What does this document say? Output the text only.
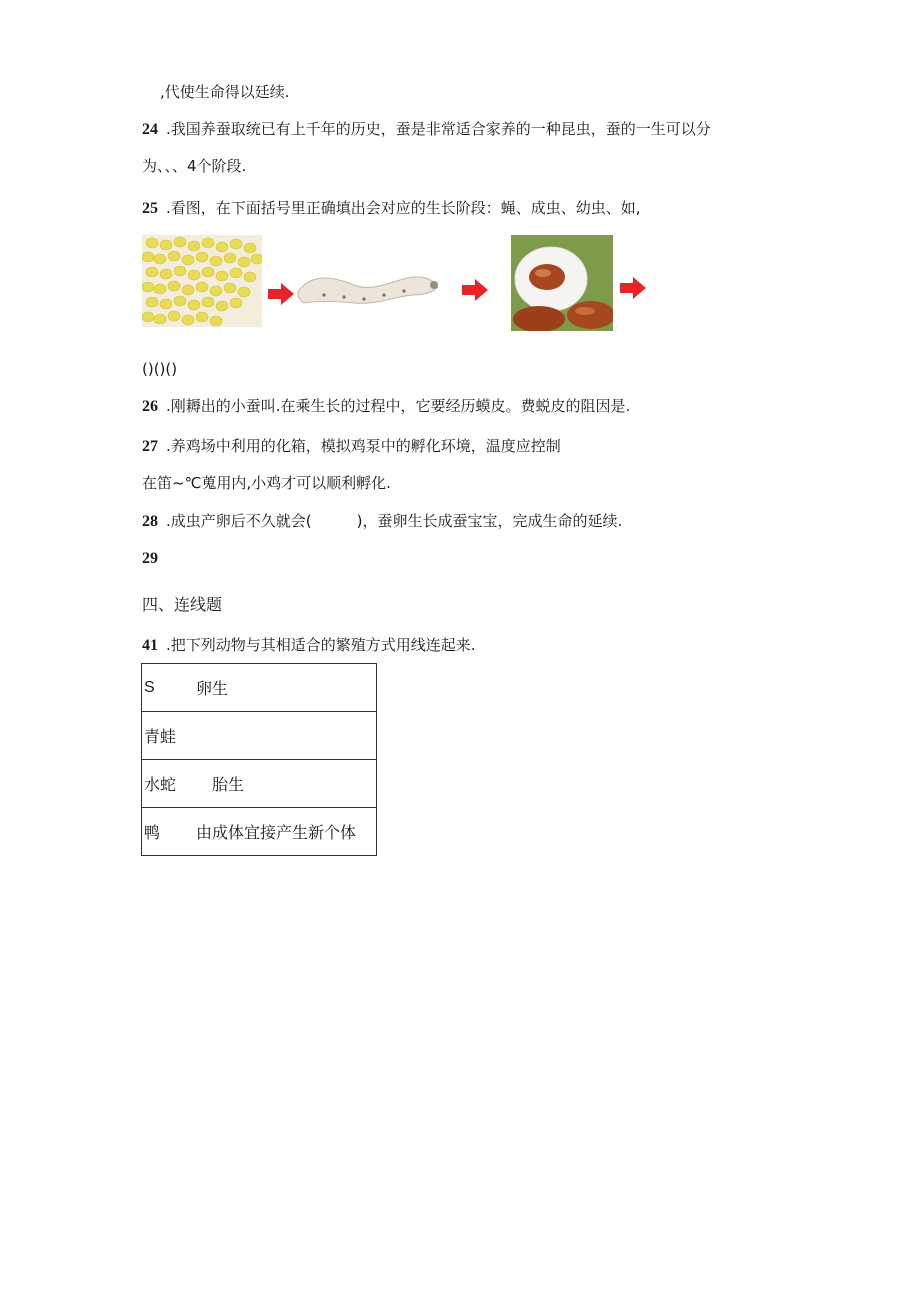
,代使生命得以廷续.
24 .我国养蚕取统已有上千年的历史，蚕是非常适合家养的一种昆虫，蚕的一生可以分
为、、、4个阶段.
25 .看图，在下面括号里正确填出会对应的生长阶段：蝇、成虫、幼虫、如,
()()()
26 .刚耨出的小蚕叫.在乘生长的过程中，它要经历蟆皮。费蜕皮的阻因是.
27 .养鸡场中利用的化箱，模拟鸡泵中的孵化环境，温度应控制
在笛~℃蒐用内,小鸡才可以顺利孵化.
28 .成虫产卵后不久就会(　　　)，蚕卵生长成蚕宝宝，完成生命的延续.
29
四、连线题
41 .把下列动物与其相适合的繁殖方式用线连起来.
S	卵生
青蛙	
水蛇	　胎生
鸭	由成体宜接产生新个体
